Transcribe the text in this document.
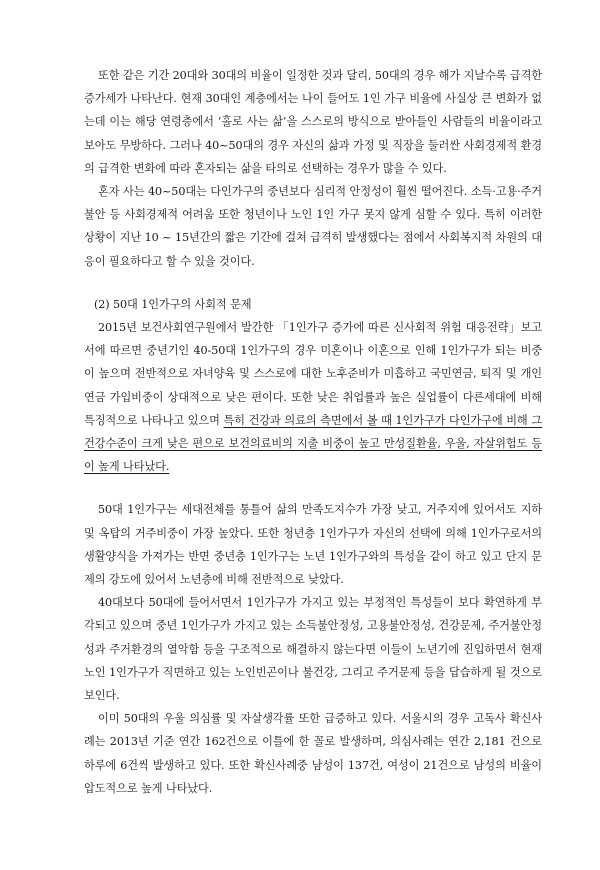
또한 같은 기간 20대와 30대의 비율이 일정한 것과 달리, 50대의 경우 해가 지날수록 급격한 증가세가 나타난다. 현재 30대인 계층에서는 나이 들어도 1인 가구 비율에 사실상 큰 변화가 없는데 이는 해당 연령층에서 ‘홀로 사는 삶’을 스스로의 방식으로 받아들인 사람들의 비율이라고 보아도 무방하다. 그러나 40~50대의 경우 자신의 삶과 가정 및 직장을 둘러싼 사회경제적 환경의 급격한 변화에 따라 혼자되는 삶을 타의로 선택하는 경우가 많을 수 있다.

혼자 사는 40~50대는 다인가구의 중년보다 심리적 안정성이 훨씬 떨어진다. 소득·고용·주거 불안 등 사회경제적 어려움 또한 청년이나 노인 1인 가구 못지 않게 심할 수 있다. 특히 이러한 상황이 지난 10 ~ 15년간의 짧은 기간에 걸쳐 급격히 발생했다는 점에서 사회복지적 차원의 대응이 필요하다고 할 수 있을 것이다.

(2) 50대 1인가구의 사회적 문제

2015년 보건사회연구원에서 발간한 「1인가구 증가에 따른 신사회적 위험 대응전략」보고서에 따르면 중년기인 40-50대 1인가구의 경우 미혼이나 이혼으로 인해 1인가구가 되는 비중이 높으며 전반적으로 자녀양육 및 스스로에 대한 노후준비가 미흡하고 국민연금, 퇴직 및 개인연금 가입비중이 상대적으로 낮은 편이다. 또한 낮은 취업률과 높은 실업률이 다른세대에 비해 특징적으로 나타나고 있으며 특히 건강과 의료의 측면에서 볼 때 1인가구가 다인가구에 비해 그 건강수준이 크게 낮은 편으로 보건의료비의 지출 비중이 높고 만성질환율, 우울, 자살위험도 등이 높게 나타났다.

50대 1인가구는 세대전체를 통틀어 삶의 만족도지수가 가장 낮고, 거주지에 있어서도 지하 및 옥탑의 거주비중이 가장 높았다. 또한 청년층 1인가구가 자신의 선택에 의해 1인가구로서의 생활양식을 가져가는 반면 중년층 1인가구는 노년 1인가구와의 특성을 같이 하고 있고 단지 문제의 강도에 있어서 노년층에 비해 전반적으로 낮았다.

40대보다 50대에 들어서면서 1인가구가 가지고 있는 부정적인 특성들이 보다 확연하게 부각되고 있으며 중년 1인가구가 가지고 있는 소득불안정성, 고용불안정성, 건강문제, 주거불안정성과 주거환경의 열악함 등을 구조적으로 해결하지 않는다면 이들이 노년기에 진입하면서 현재 노인 1인가구가 직면하고 있는 노인빈곤이나 불건강, 그리고 주거문제 등을 답습하게 될 것으로 보인다.

이미 50대의 우울 의심률 및 자살생각률 또한 급증하고 있다. 서울시의 경우 고독사 확신사례는 2013년 기준 연간 162건으로 이틀에 한 꼴로 발생하며, 의심사례는 연간 2,181 건으로 하루에 6건씩 발생하고 있다. 또한 확신사례중 남성이 137건, 여성이 21건으로 남성의 비율이 압도적으로 높게 나타났다.
